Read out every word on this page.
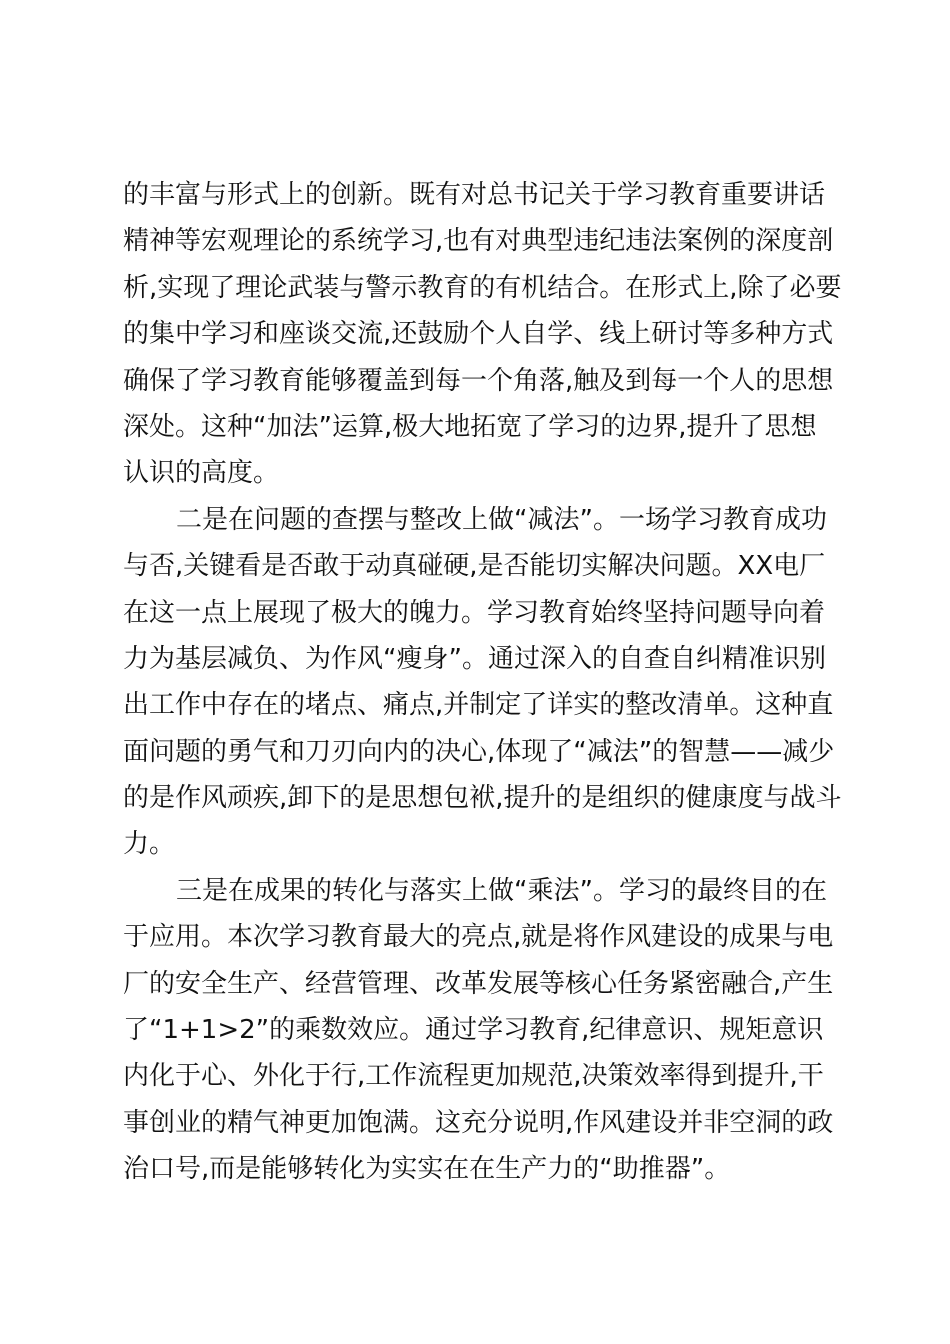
的丰富与形式上的创新。既有对总书记关于学习教育重要讲话
精神等宏观理论的系统学习,也有对典型违纪违法案例的深度剖
析,实现了理论武装与警示教育的有机结合。在形式上,除了必要
的集中学习和座谈交流,还鼓励个人自学、线上研讨等多种方式
确保了学习教育能够覆盖到每一个角落,触及到每一个人的思想
深处。这种“加法”运算,极大地拓宽了学习的边界,提升了思想
认识的高度。
二是在问题的查摆与整改上做“减法”。一场学习教育成功
与否,关键看是否敢于动真碰硬,是否能切实解决问题。XX电厂
在这一点上展现了极大的魄力。学习教育始终坚持问题导向着
力为基层减负、为作风“瘦身”。通过深入的自查自纠精准识别
出工作中存在的堵点、痛点,并制定了详实的整改清单。这种直
面问题的勇气和刀刃向内的决心,体现了“减法”的智慧——减少
的是作风顽疾,卸下的是思想包袱,提升的是组织的健康度与战斗
力。
三是在成果的转化与落实上做“乘法”。学习的最终目的在
于应用。本次学习教育最大的亮点,就是将作风建设的成果与电
厂的安全生产、经营管理、改革发展等核心任务紧密融合,产生
了“1+1>2”的乘数效应。通过学习教育,纪律意识、规矩意识
内化于心、外化于行,工作流程更加规范,决策效率得到提升,干
事创业的精气神更加饱满。这充分说明,作风建设并非空洞的政
治口号,而是能够转化为实实在在生产力的“助推器”。
